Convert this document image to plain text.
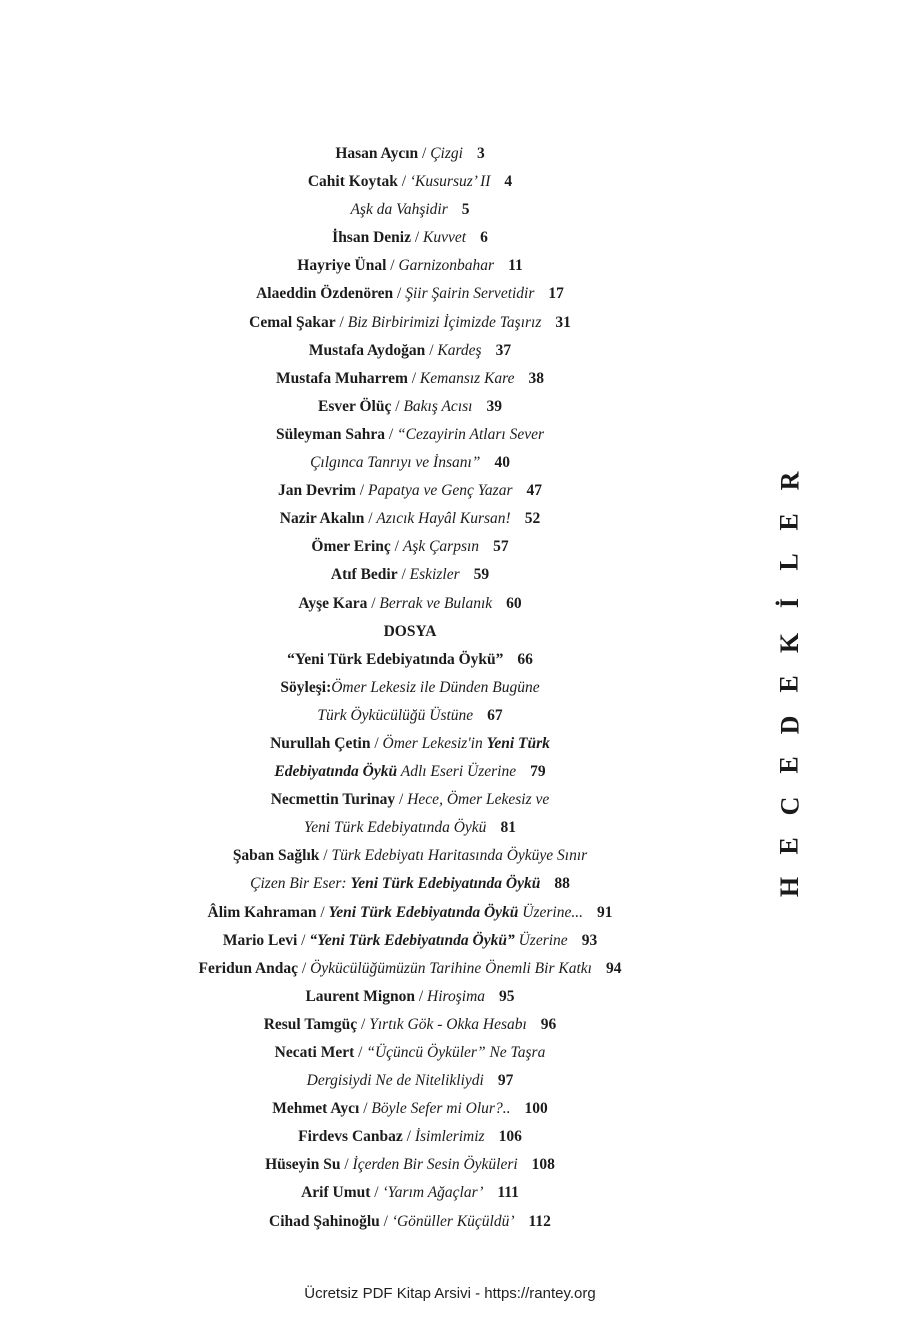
Hasan Aycın / Çizgi 3
Cahit Koytak / ‘Kusursuz’ II 4
Aşk da Vahşidir 5
İhsan Deniz / Kuvvet 6
Hayriye Ünal / Garnizonbahar 11
Alaeddin Özdenören / Şiir Şairin Servetidir 17
Cemal Şakar / Biz Birbirimizi İçimizde Taşırız 31
Mustafa Aydoğan / Kardeş 37
Mustafa Muharrem / Kemansız Kare 38
Esver Ölüç / Bakış Acısı 39
Süleyman Sahra / “Cezayirin Atları Sever
Çılgınca Tanrıyı ve İnsanı” 40
Jan Devrim / Papatya ve Genç Yazar 47
Nazir Akalın / Azıcık Hayâl Kursan! 52
Ömer Erinç / Aşk Çarpsın 57
Atıf Bedir / Eskizler 59
Ayşe Kara / Berrak ve Bulanık 60
DOSYA
“Yeni Türk Edebiyatında Öykü” 66
Söyleşi:Ömer Lekesiz ile Dünden Bugüne
Türk Öykücülüğü Üstüne 67
Nurullah Çetin / Ömer Lekesiz'in Yeni Türk
Edebiyatında Öykü Adlı Eseri Üzerine 79
Necmettin Turinay / Hece, Ömer Lekesiz ve
Yeni Türk Edebiyatında Öykü 81
Şaban Sağlık / Türk Edebiyatı Haritasında Öyküye Sınır
Çizen Bir Eser: Yeni Türk Edebiyatında Öykü 88
Âlim Kahraman / Yeni Türk Edebiyatında Öykü Üzerine... 91
Mario Levi / “Yeni Türk Edebiyatında Öykü” Üzerine 93
Feridun Andaç / Öykücülüğümüzün Tarihine Önemli Bir Katkı 94
Laurent Mignon / Hiroşima 95
Resul Tamgüç / Yırtık Gök - Okka Hesabı 96
Necati Mert / “Üçüncü Öyküler” Ne Taşra
Dergisiydi Ne de Nitelikliydi 97
Mehmet Aycı / Böyle Sefer mi Olur?.. 100
Firdevs Canbaz / İsimlerimiz 106
Hüseyin Su / İçerden Bir Sesin Öyküleri 108
Arif Umut / ‘Yarım Ağaçlar’ 111
Cihad Şahinoğlu / ‘Gönüller Küçüldü’ 112
H
E
C
E
D
E
K
İ
L
E
R
Ücretsiz PDF Kitap Arsivi - https://rantey.org
